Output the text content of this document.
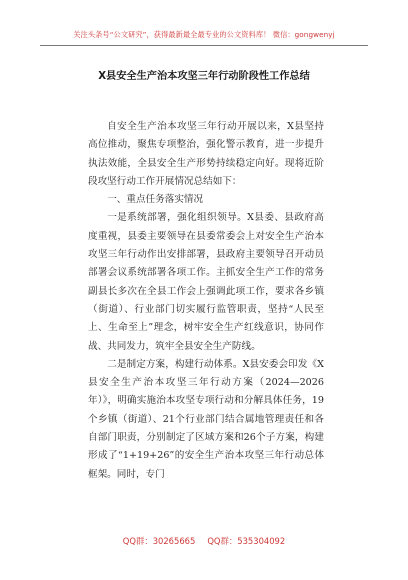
关注头条号“公文研究”，获得最新最全最专业的公文资料库！ 微信：gongwenyj
X县安全生产治本攻坚三年行动阶段性工作总结

自安全生产治本攻坚三年行动开展以来，X县坚持高位推动，聚焦专项整治，强化警示教育，进一步提升执法效能，全县安全生产形势持续稳定向好。现将近阶段攻坚行动工作开展情况总结如下：

一、重点任务落实情况

一是系统部署，强化组织领导。X县委、县政府高度重视，县委主要领导在县委常委会上对安全生产治本攻坚三年行动作出安排部署，县政府主要领导召开动员部署会议系统部署各项工作。主抓安全生产工作的常务副县长多次在全县工作会上强调此项工作，要求各乡镇（街道）、行业部门切实履行监管职责，坚持“人民至上、生命至上”理念，树牢安全生产红线意识，协同作战、共同发力，筑牢全县安全生产防线。

二是制定方案，构建行动体系。X县安委会印发《X县安全生产治本攻坚三年行动方案（2024—2026年）》，明确实施治本攻坚专项行动和分解具体任务，19个乡镇（街道）、21个行业部门结合属地管理责任和各自部门职责，分别制定了区域方案和26个子方案，构建形成了“1+19+26”的安全生产治本攻坚三年行动总体框架。同时，专门

QQ群：30265665 QQ群：535304092
